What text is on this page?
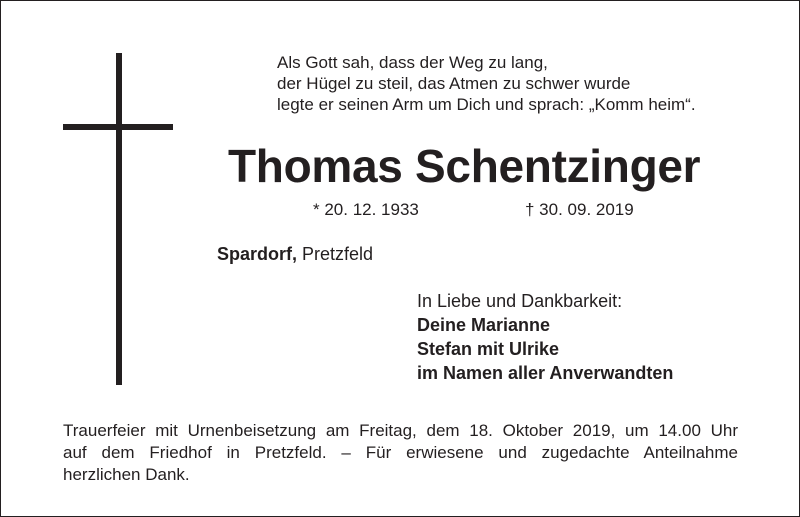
Als Gott sah, dass der Weg zu lang,
der Hügel zu steil, das Atmen zu schwer wurde
legte er seinen Arm um Dich und sprach: „Komm heim“.
Thomas Schentzinger
* 20. 12. 1933	† 30. 09. 2019
Spardorf, Pretzfeld
In Liebe und Dankbarkeit:
Deine Marianne
Stefan mit Ulrike
im Namen aller Anverwandten
Trauerfeier mit Urnenbeisetzung am Freitag, dem 18. Oktober 2019, um 14.00 Uhr
auf dem Friedhof in Pretzfeld. – Für erwiesene und zugedachte Anteilnahme
herzlichen Dank.
